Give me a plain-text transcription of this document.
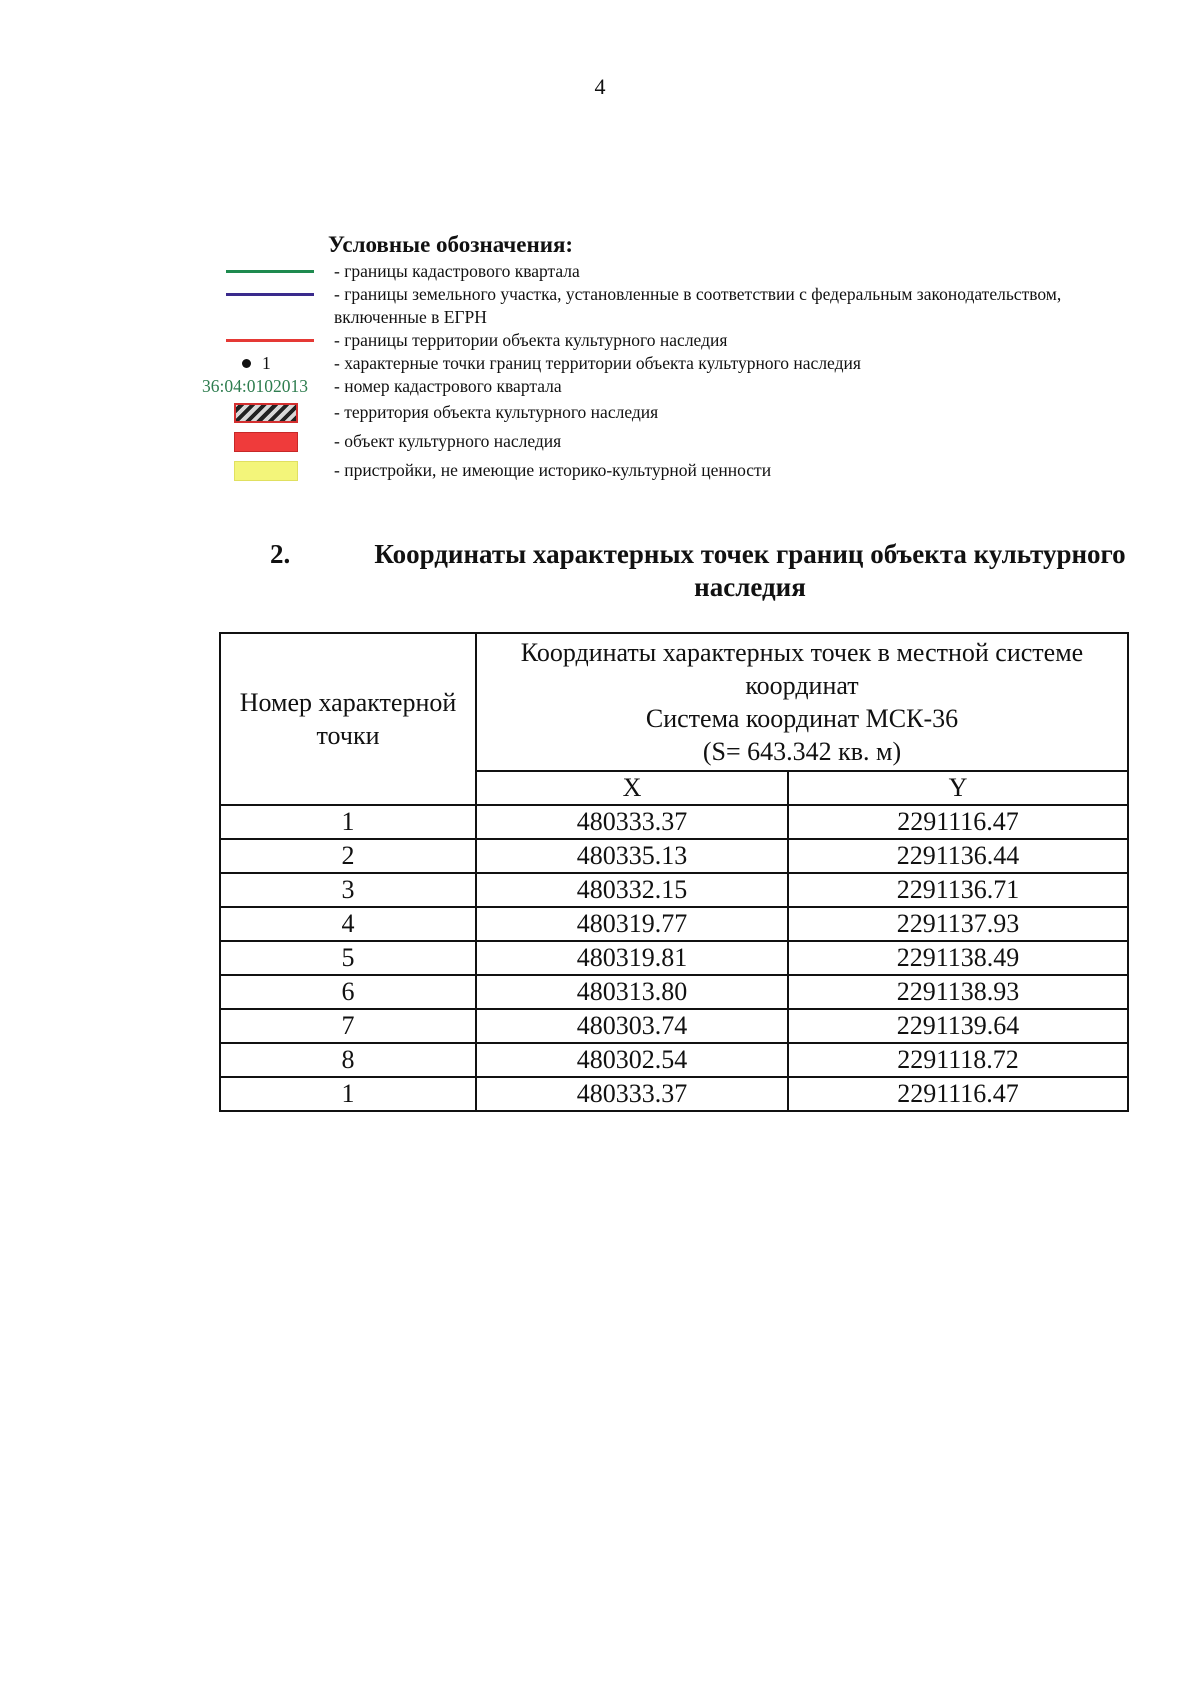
4
Условные обозначения:
- границы кадастрового квартала
- границы земельного участка, установленные в соответствии с федеральным законодательством, включенные в ЕГРН
- границы территории объекта культурного наследия
1	- характерные точки границ территории объекта культурного наследия
36:04:0102013 - номер кадастрового квартала
- территория объекта культурного наследия
- объект культурного наследия
- пристройки, не имеющие историко-культурной ценности
2.	Координаты характерных точек границ объекта культурного наследия
Номер характерной точки	Координаты характерных точек в местной системе координат
Система координат МСК-36
(S= 643.342 кв. м)	

	X	Y
1	480333.37	2291116.47
2	480335.13	2291136.44
3	480332.15	2291136.71
4	480319.77	2291137.93
5	480319.81	2291138.49
6	480313.80	2291138.93
7	480303.74	2291139.64
8	480302.54	2291118.72
1	480333.37	2291116.47
